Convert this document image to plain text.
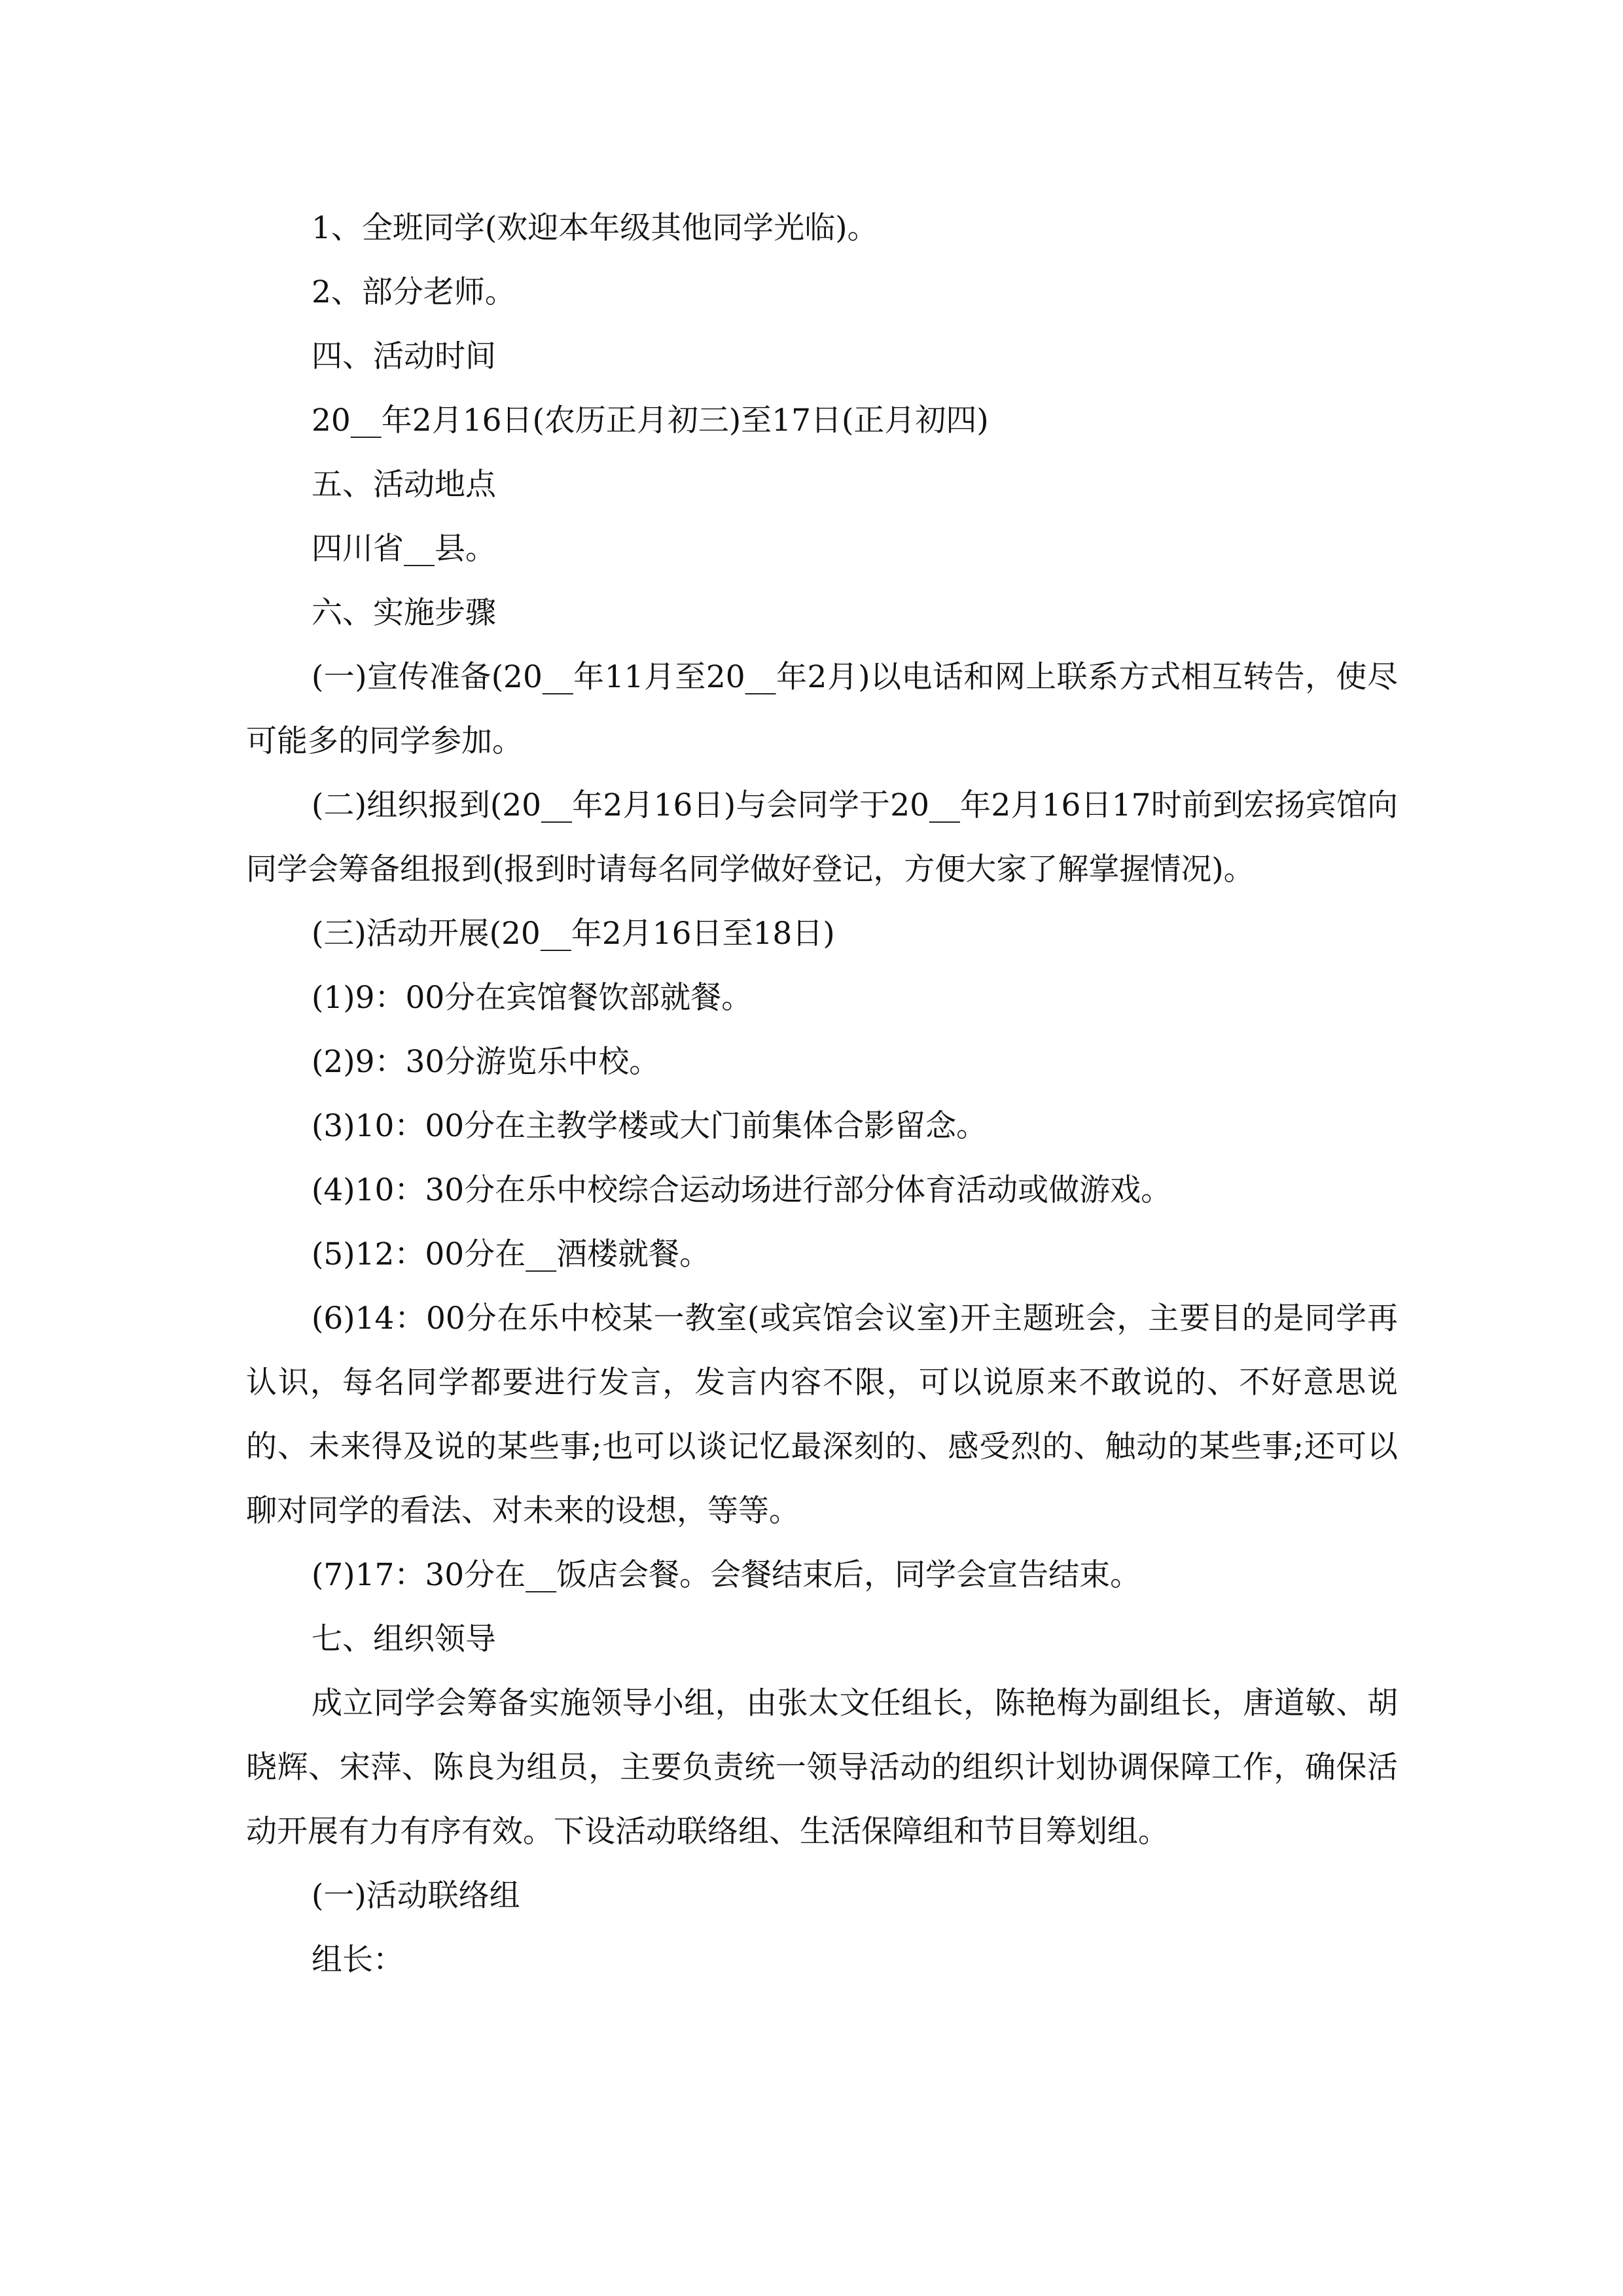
1、全班同学(欢迎本年级其他同学光临)。

2、部分老师。

四、活动时间

20__年2月16日(农历正月初三)至17日(正月初四)

五、活动地点

四川省__县。

六、实施步骤

(一)宣传准备(20__年11月至20__年2月)以电话和网上联系方式相互转告，使尽可能多的同学参加。

(二)组织报到(20__年2月16日)与会同学于20__年2月16日17时前到宏扬宾馆向同学会筹备组报到(报到时请每名同学做好登记，方便大家了解掌握情况)。

(三)活动开展(20__年2月16日至18日)

(1)9：00分在宾馆餐饮部就餐。

(2)9：30分游览乐中校。

(3)10：00分在主教学楼或大门前集体合影留念。

(4)10：30分在乐中校综合运动场进行部分体育活动或做游戏。

(5)12：00分在__酒楼就餐。

(6)14：00分在乐中校某一教室(或宾馆会议室)开主题班会，主要目的是同学再认识，每名同学都要进行发言，发言内容不限，可以说原来不敢说的、不好意思说的、未来得及说的某些事;也可以谈记忆最深刻的、感受烈的、触动的某些事;还可以聊对同学的看法、对未来的设想，等等。

(7)17：30分在__饭店会餐。会餐结束后，同学会宣告结束。

七、组织领导

成立同学会筹备实施领导小组，由张太文任组长，陈艳梅为副组长，唐道敏、胡晓辉、宋萍、陈良为组员，主要负责统一领导活动的组织计划协调保障工作，确保活动开展有力有序有效。下设活动联络组、生活保障组和节目筹划组。

(一)活动联络组

组长：
